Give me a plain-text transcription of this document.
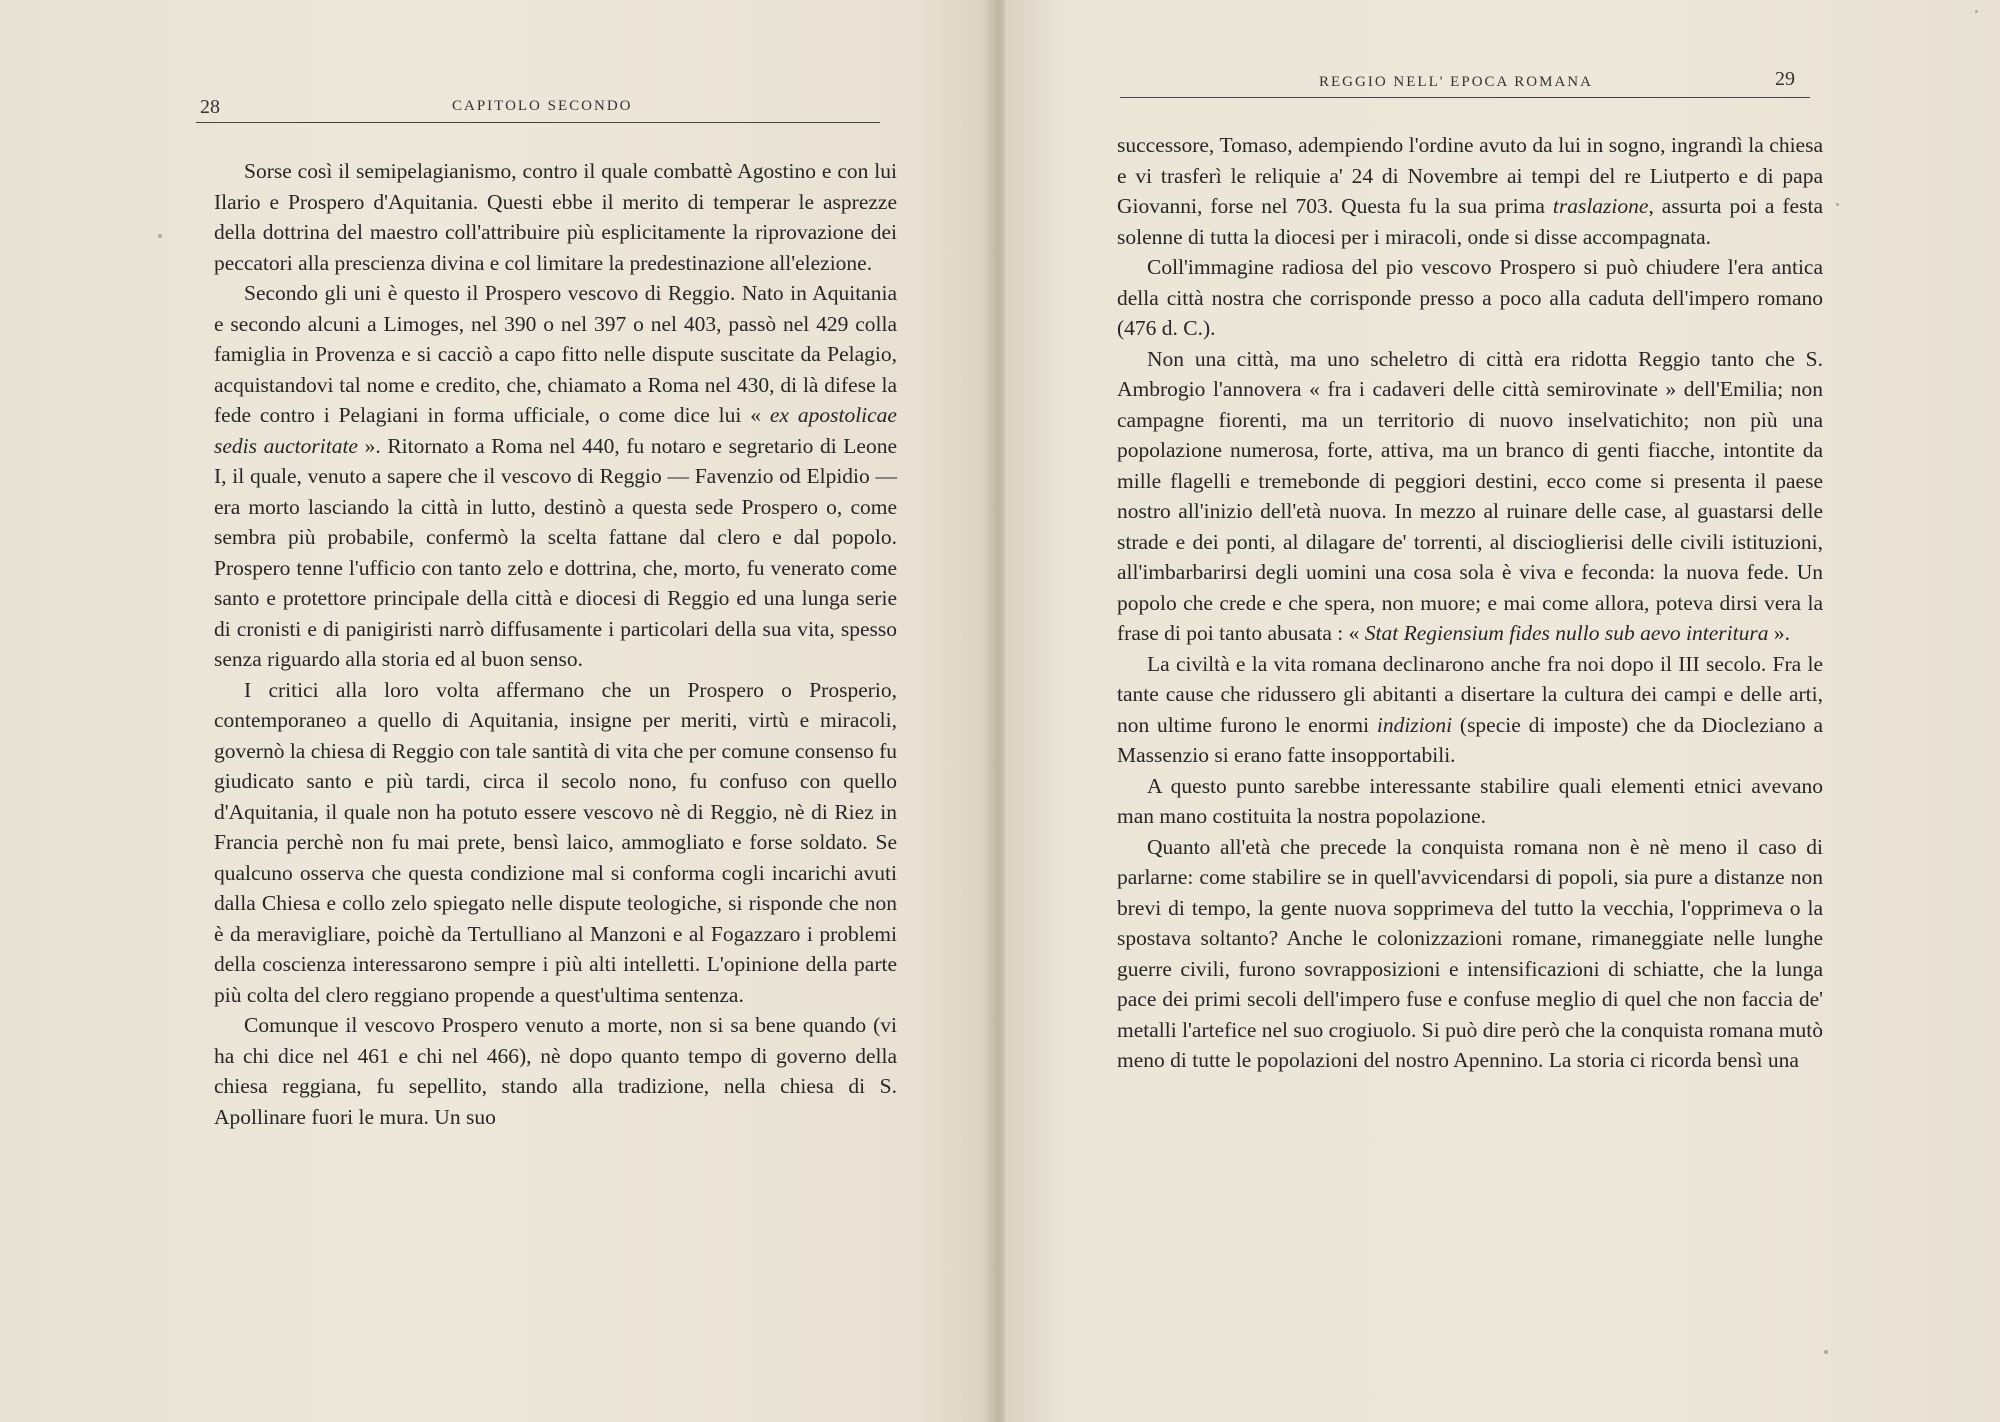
28	CAPITOLO SECONDO

Sorse così il semipelagianismo, contro il quale combattè Agostino e con lui Ilario e Prospero d'Aquitania. Questi ebbe il merito di temperar le asprezze della dottrina del maestro coll'attribuire più esplicitamente la riprovazione dei peccatori alla prescienza divina e col limitare la predestinazione all'elezione.

Secondo gli uni è questo il Prospero vescovo di Reggio. Nato in Aquitania e secondo alcuni a Limoges, nel 390 o nel 397 o nel 403, passò nel 429 colla famiglia in Provenza e si cacciò a capo fitto nelle dispute suscitate da Pelagio, acquistandovi tal nome e credito, che, chiamato a Roma nel 430, di là difese la fede contro i Pelagiani in forma ufficiale, o come dice lui « ex apostolicae sedis auctoritate ». Ritornato a Roma nel 440, fu notaro e segretario di Leone I, il quale, venuto a sapere che il vescovo di Reggio — Favenzio od Elpidio — era morto lasciando la città in lutto, destinò a questa sede Prospero o, come sembra più probabile, confermò la scelta fattane dal clero e dal popolo. Prospero tenne l'ufficio con tanto zelo e dottrina, che, morto, fu venerato come santo e protettore principale della città e diocesi di Reggio ed una lunga serie di cronisti e di panigiristi narrò diffusamente i particolari della sua vita, spesso senza riguardo alla storia ed al buon senso.

I critici alla loro volta affermano che un Prospero o Prosperio, contemporaneo a quello di Aquitania, insigne per meriti, virtù e miracoli, governò la chiesa di Reggio con tale santità di vita che per comune consenso fu giudicato santo e più tardi, circa il secolo nono, fu confuso con quello d'Aquitania, il quale non ha potuto essere vescovo nè di Reggio, nè di Riez in Francia perchè non fu mai prete, bensì laico, ammogliato e forse soldato. Se qualcuno osserva che questa condizione mal si conforma cogli incarichi avuti dalla Chiesa e collo zelo spiegato nelle dispute teologiche, si risponde che non è da meravigliare, poichè da Tertulliano al Manzoni e al Fogazzaro i problemi della coscienza interessarono sempre i più alti intelletti. L'opinione della parte più colta del clero reggiano propende a quest'ultima sentenza.

Comunque il vescovo Prospero venuto a morte, non si sa bene quando (vi ha chi dice nel 461 e chi nel 466), nè dopo quanto tempo di governo della chiesa reggiana, fu sepellito, stando alla tradizione, nella chiesa di S. Apollinare fuori le mura. Un suo

REGGIO NELL' EPOCA ROMANA	29

successore, Tomaso, adempiendo l'ordine avuto da lui in sogno, ingrandì la chiesa e vi trasferì le reliquie a' 24 di Novembre ai tempi del re Liutperto e di papa Giovanni, forse nel 703. Questa fu la sua prima traslazione, assurta poi a festa solenne di tutta la diocesi per i miracoli, onde si disse accompagnata.

Coll'immagine radiosa del pio vescovo Prospero si può chiudere l'era antica della città nostra che corrisponde presso a poco alla caduta dell'impero romano (476 d. C.).

Non una città, ma uno scheletro di città era ridotta Reggio tanto che S. Ambrogio l'annovera « fra i cadaveri delle città semirovinate » dell'Emilia; non campagne fiorenti, ma un territorio di nuovo inselvatichito; non più una popolazione numerosa, forte, attiva, ma un branco di genti fiacche, intontite da mille flagelli e tremebonde di peggiori destini, ecco come si presenta il paese nostro all'inizio dell'età nuova. In mezzo al ruinare delle case, al guastarsi delle strade e dei ponti, al dilagare de' torrenti, al discioglierisi delle civili istituzioni, all'imbarbarirsi degli uomini una cosa sola è viva e feconda: la nuova fede. Un popolo che crede e che spera, non muore; e mai come allora, poteva dirsi vera la frase di poi tanto abusata : « Stat Regiensium fides nullo sub aevo interitura ».

La civiltà e la vita romana declinarono anche fra noi dopo il III secolo. Fra le tante cause che ridussero gli abitanti a disertare la cultura dei campi e delle arti, non ultime furono le enormi indizioni (specie di imposte) che da Diocleziano a Massenzio si erano fatte insopportabili.

A questo punto sarebbe interessante stabilire quali elementi etnici avevano man mano costituita la nostra popolazione.

Quanto all'età che precede la conquista romana non è nè meno il caso di parlarne: come stabilire se in quell'avvicendarsi di popoli, sia pure a distanze non brevi di tempo, la gente nuova sopprimeva del tutto la vecchia, l'opprimeva o la spostava soltanto? Anche le colonizzazioni romane, rimaneggiate nelle lunghe guerre civili, furono sovrapposizioni e intensificazioni di schiatte, che la lunga pace dei primi secoli dell'impero fuse e confuse meglio di quel che non faccia de' metalli l'artefice nel suo crogiuolo. Si può dire però che la conquista romana mutò meno di tutte le popolazioni del nostro Apennino. La storia ci ricorda bensì una
